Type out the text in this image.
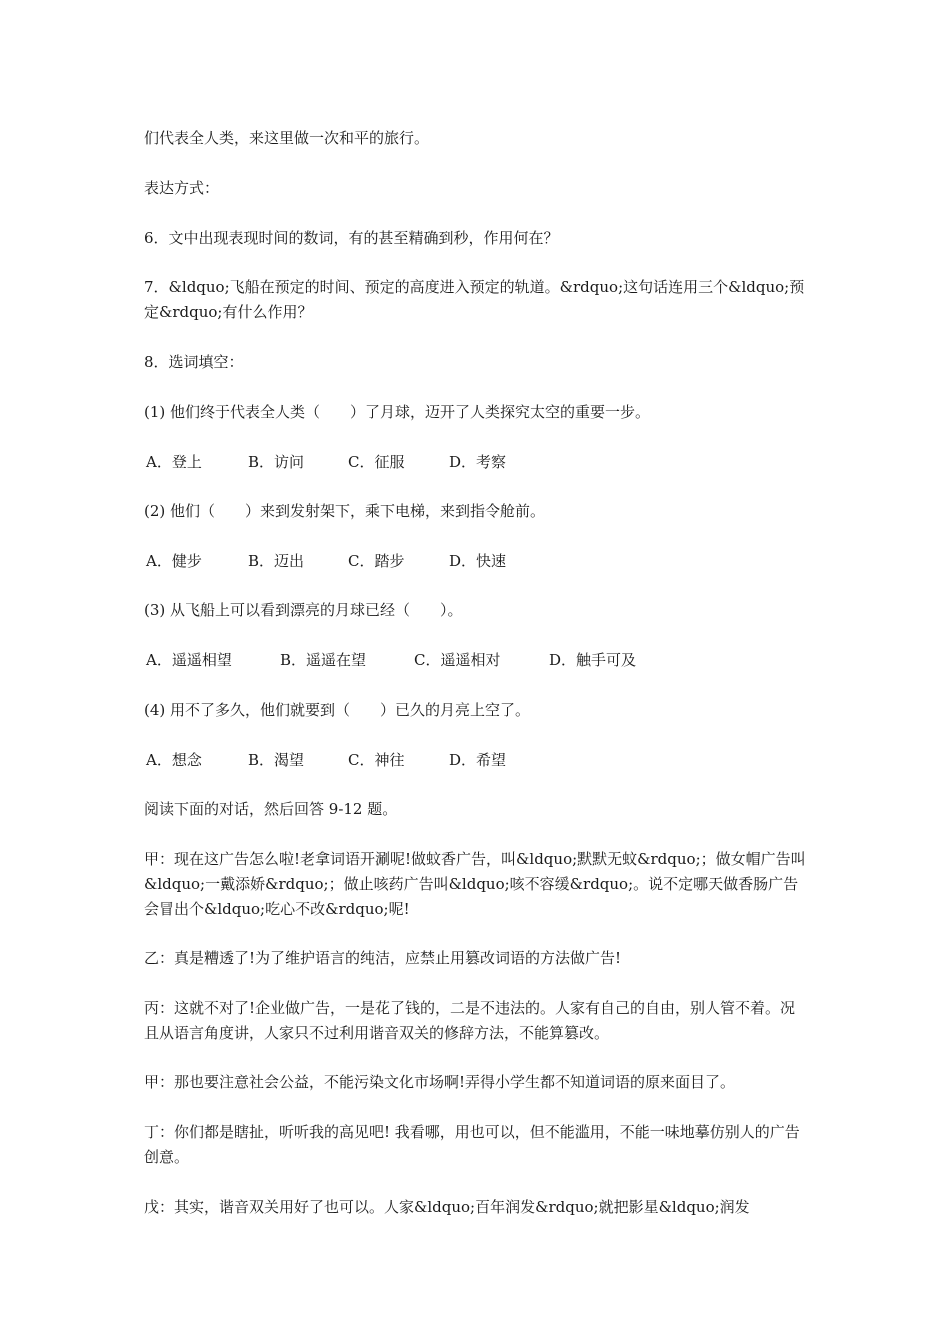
们代表全人类，来这里做一次和平的旅行。

表达方式：

6．文中出现表现时间的数词，有的甚至精确到秒，作用何在？

7．&ldquo;飞船在预定的时间、预定的高度进入预定的轨道。&rdquo;这句话连用三个&ldquo;预定&rdquo;有什么作用？

8．选词填空：

(1) 他们终于代表全人类（　　）了月球，迈开了人类探究太空的重要一步。

A．登上	B．访问	C．征服	D．考察

(2) 他们（　　）来到发射架下，乘下电梯，来到指令舱前。

A．健步	B．迈出	C．踏步	D．快速

(3) 从飞船上可以看到漂亮的月球已经（　　）。

A．遥遥相望	B．遥遥在望	C．遥遥相对	D．触手可及

(4) 用不了多久，他们就要到（　　）已久的月亮上空了。

A．想念	B．渴望	C．神往	D．希望

阅读下面的对话，然后回答 9-12 题。

甲：现在这广告怎么啦!老拿词语开涮呢!做蚊香广告，叫&ldquo;默默无蚊&rdquo;；做女帽广告叫&ldquo;一戴添娇&rdquo;；做止咳药广告叫&ldquo;咳不容缓&rdquo;。说不定哪天做香肠广告会冒出个&ldquo;吃心不改&rdquo;呢!

乙：真是糟透了!为了维护语言的纯洁，应禁止用篡改词语的方法做广告!

丙：这就不对了!企业做广告，一是花了钱的，二是不违法的。人家有自己的自由，别人管不着。况且从语言角度讲，人家只不过利用谐音双关的修辞方法，不能算篡改。

甲：那也要注意社会公益，不能污染文化市场啊!弄得小学生都不知道词语的原来面目了。

丁：你们都是瞎扯，听听我的高见吧! 我看哪，用也可以，但不能滥用，不能一味地摹仿别人的广告创意。

戊：其实，谐音双关用好了也可以。人家&ldquo;百年润发&rdquo;就把影星&ldquo;润发
